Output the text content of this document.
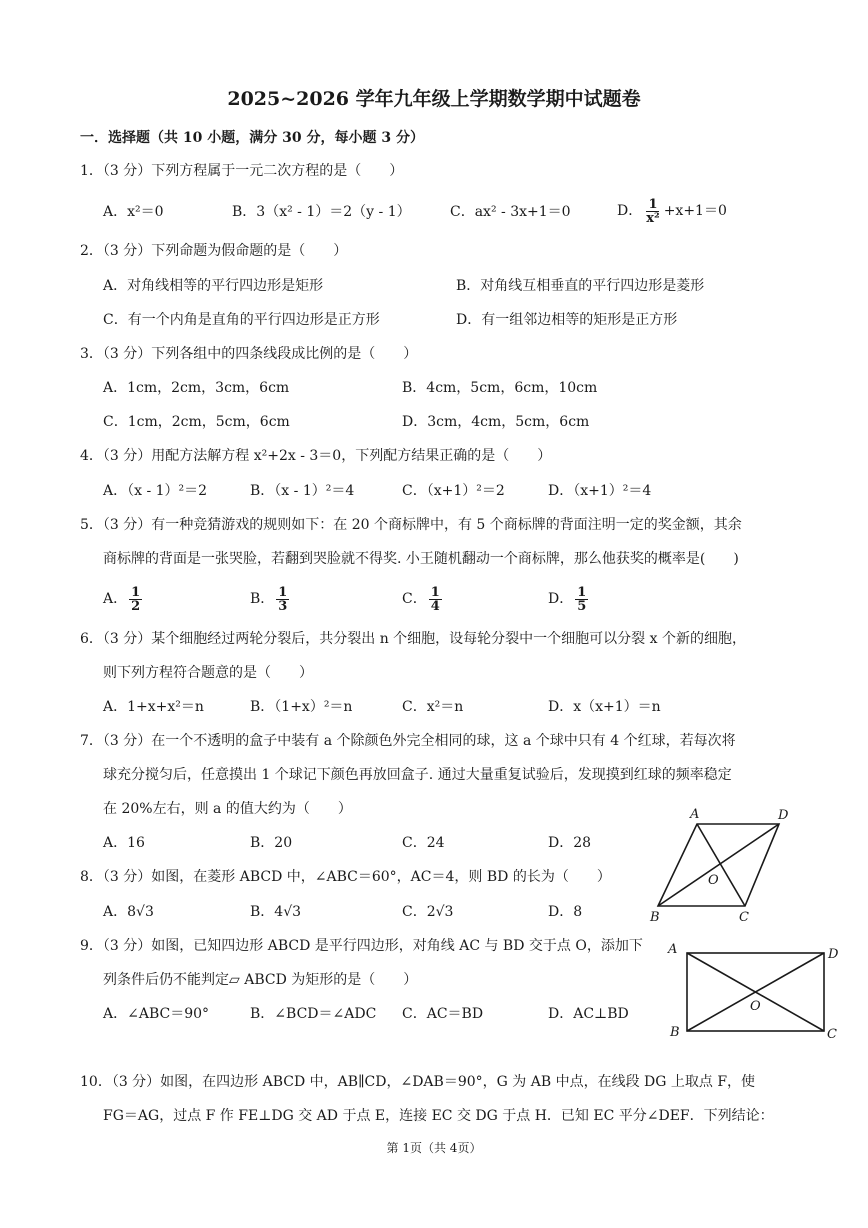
2025~2026 学年九年级上学期数学期中试题卷
一．选择题（共 10 小题，满分 30 分，每小题 3 分）
1．（3 分）下列方程属于一元二次方程的是（　　）
A．x²＝0	B．3（x² - 1）＝2（y - 1）	C．ax² - 3x+1＝0	D． $\frac{1}{\text{x²}} +x+1=0$
2．（3 分）下列命题为假命题的是（　　）
A．对角线相等的平行四边形是矩形	B．对角线互相垂直的平行四边形是菱形
C．有一个内角是直角的平行四边形是正方形	D．有一组邻边相等的矩形是正方形
3．（3 分）下列各组中的四条线段成比例的是（　　）
A．1cm，2cm，3cm，6cm	B．4cm，5cm，6cm，10cm
C．1cm，2cm，5cm，6cm	D．3cm，4cm，5cm，6cm
4．（3 分）用配方法解方程 x²+2x - 3＝0，下列配方结果正确的是（　　）
A．（x - 1）²＝2	B．（x - 1）²＝4	C．（x+1）²＝2	D．（x+1）²＝4
5．（3 分）有一种竞猜游戏的规则如下：在 20 个商标牌中，有 5 个商标牌的背面注明一定的奖金额，其余
商标牌的背面是一张哭脸，若翻到哭脸就不得奖. 小王随机翻动一个商标牌，那么他获奖的概率是(　　)
A． $\frac{1}{2}$	B． $\frac{1}{3}$	C． $\frac{1}{4}$	D． $\frac{1}{5}$
6．（3 分）某个细胞经过两轮分裂后，共分裂出 n 个细胞，设每轮分裂中一个细胞可以分裂 x 个新的细胞，
则下列方程符合题意的是（　　）
A．1+x+x²＝n	B．（1+x）²＝n	C．x²＝n	D．x（x+1）＝n
7．（3 分）在一个不透明的盒子中装有 a 个除颜色外完全相同的球，这 a 个球中只有 4 个红球，若每次将
球充分搅匀后，任意摸出 1 个球记下颜色再放回盒子. 通过大量重复试验后，发现摸到红球的频率稳定
在 20%左右，则 a 的值大约为（　　）
A．16	B．20	C．24	D．28
A	D
B	C
O
8．（3 分）如图，在菱形 ABCD 中，∠ABC＝60°，AC＝4，则 BD 的长为（　　）
A．8√3	B．4√3	C．2√3	D．8
9．（3 分）如图，已知四边形 ABCD 是平行四边形，对角线 AC 与 BD 交于点 O，添加下
列条件后仍不能判定▱ ABCD 为矩形的是（　　）
A．∠ABC＝90°	B．∠BCD＝∠ADC C．AC＝BD	D．AC⊥BD
A	D
B	C
O
10．（3 分）如图，在四边形 ABCD 中，AB∥CD，∠DAB＝90°，G 为 AB 中点，在线段 DG 上取点 F，使
FG＝AG，过点 F 作 FE⊥DG 交 AD 于点 E，连接 EC 交 DG 于点 H．已知 EC 平分∠DEF．下列结论：
第 1页（共 4页）
